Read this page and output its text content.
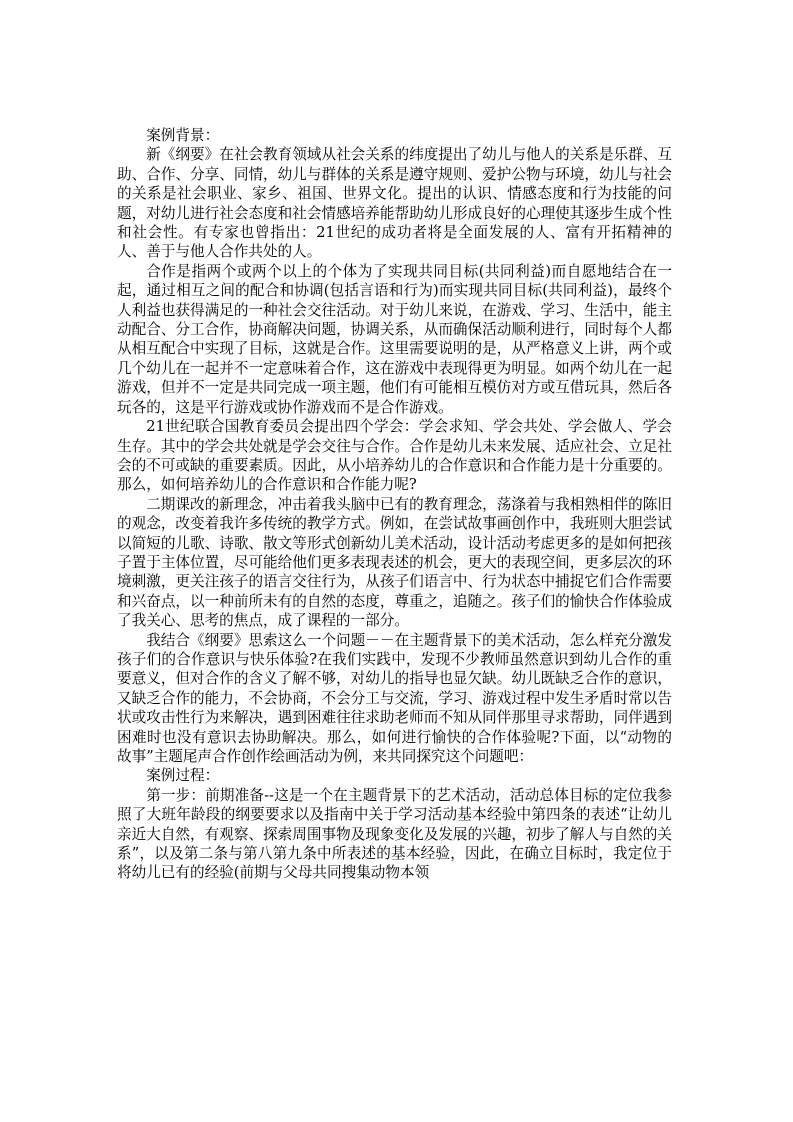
案例背景：

新《纲要》在社会教育领域从社会关系的纬度提出了幼儿与他人的关系是乐群、互助、合作、分享、同情，幼儿与群体的关系是遵守规则、爱护公物与环境，幼儿与社会的关系是社会职业、家乡、祖国、世界文化。提出的认识、情感态度和行为技能的问题，对幼儿进行社会态度和社会情感培养能帮助幼儿形成良好的心理使其逐步生成个性和社会性。有专家也曾指出：21世纪的成功者将是全面发展的人、富有开拓精神的人、善于与他人合作共处的人。

合作是指两个或两个以上的个体为了实现共同目标(共同利益)而自愿地结合在一起，通过相互之间的配合和协调(包括言语和行为)而实现共同目标(共同利益)，最终个人利益也获得满足的一种社会交往活动。对于幼儿来说，在游戏、学习、生活中，能主动配合、分工合作，协商解决问题，协调关系，从而确保活动顺利进行，同时每个人都从相互配合中实现了目标，这就是合作。这里需要说明的是，从严格意义上讲，两个或几个幼儿在一起并不一定意味着合作，这在游戏中表现得更为明显。如两个幼儿在一起游戏，但并不一定是共同完成一项主题，他们有可能相互模仿对方或互借玩具，然后各玩各的，这是平行游戏或协作游戏而不是合作游戏。

21世纪联合国教育委员会提出四个学会：学会求知、学会共处、学会做人、学会生存。其中的学会共处就是学会交往与合作。合作是幼儿未来发展、适应社会、立足社会的不可或缺的重要素质。因此，从小培养幼儿的合作意识和合作能力是十分重要的。那么，如何培养幼儿的合作意识和合作能力呢?

二期课改的新理念，冲击着我头脑中已有的教育理念，荡涤着与我相熟相伴的陈旧的观念，改变着我许多传统的教学方式。例如，在尝试故事画创作中，我班则大胆尝试以简短的儿歌、诗歌、散文等形式创新幼儿美术活动，设计活动考虑更多的是如何把孩子置于主体位置，尽可能给他们更多表现表述的机会，更大的表现空间，更多层次的环境刺激，更关注孩子的语言交往行为，从孩子们语言中、行为状态中捕捉它们合作需要和兴奋点，以一种前所未有的自然的态度，尊重之，追随之。孩子们的愉快合作体验成了我关心、思考的焦点，成了课程的一部分。

我结合《纲要》思索这么一个问题－－在主题背景下的美术活动，怎么样充分激发孩子们的合作意识与快乐体验?在我们实践中，发现不少教师虽然意识到幼儿合作的重要意义，但对合作的含义了解不够，对幼儿的指导也显欠缺。幼儿既缺乏合作的意识，又缺乏合作的能力，不会协商，不会分工与交流，学习、游戏过程中发生矛盾时常以告状或攻击性行为来解决，遇到困难往往求助老师而不知从同伴那里寻求帮助，同伴遇到困难时也没有意识去协助解决。那么，如何进行愉快的合作体验呢?下面，以“动物的故事”主题尾声合作创作绘画活动为例，来共同探究这个问题吧：

案例过程：

第一步：前期准备--这是一个在主题背景下的艺术活动，活动总体目标的定位我参照了大班年龄段的纲要要求以及指南中关于学习活动基本经验中第四条的表述“让幼儿亲近大自然，有观察、探索周围事物及现象变化及发展的兴趣，初步了解人与自然的关系”，以及第二条与第八第九条中所表述的基本经验，因此，在确立目标时，我定位于将幼儿已有的经验(前期与父母共同搜集动物本领
